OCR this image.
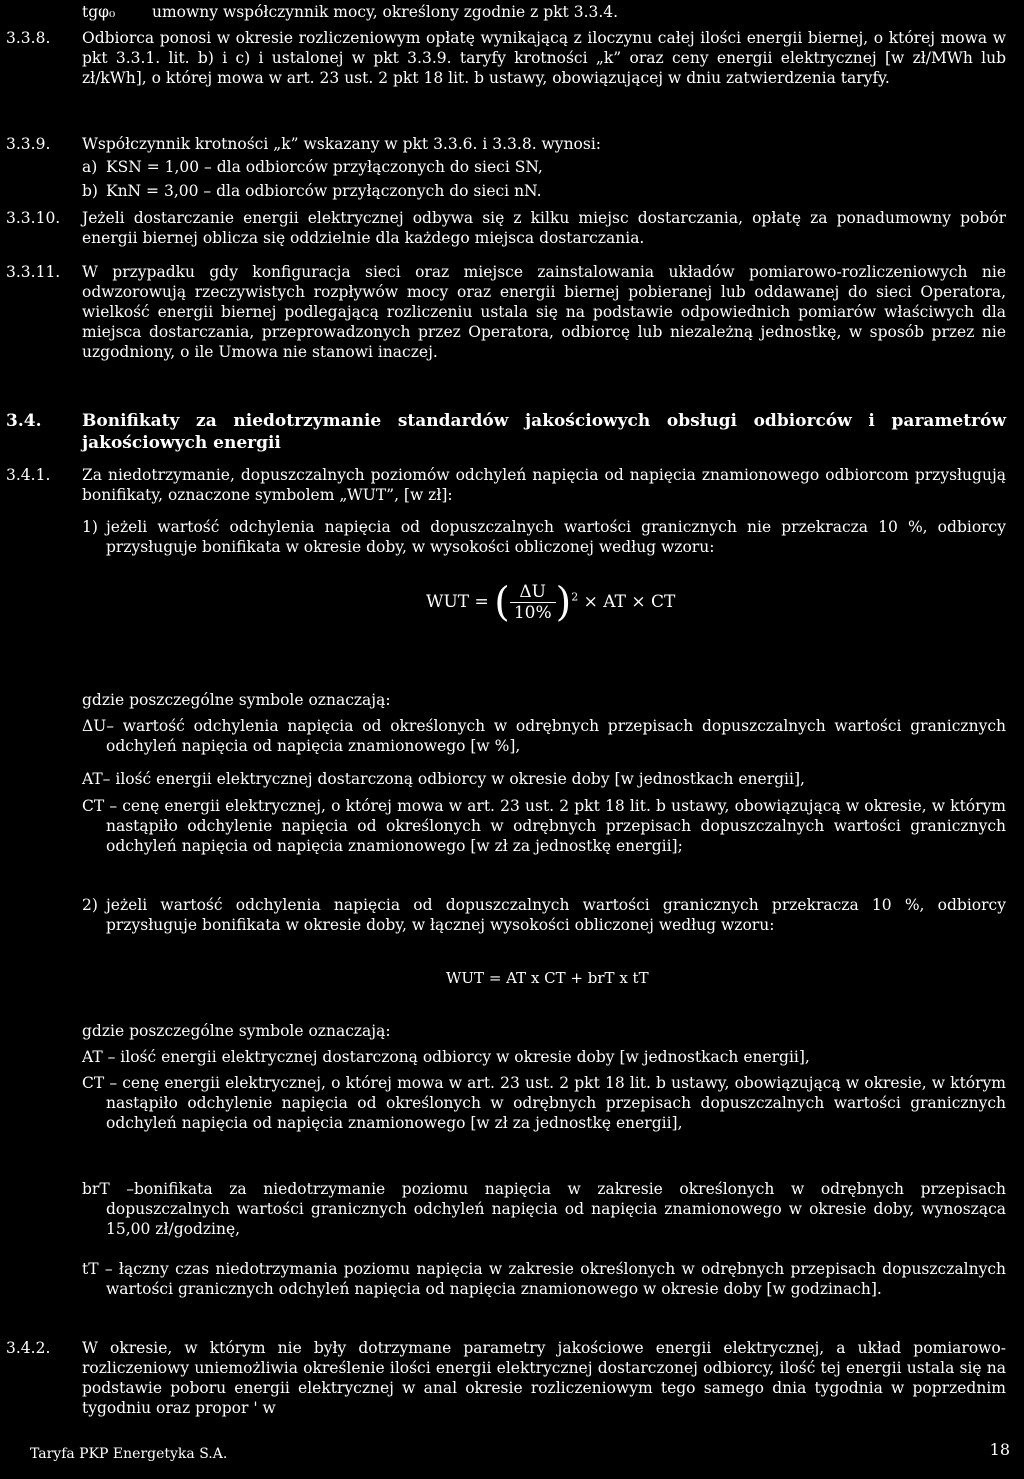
tgφ₀ umowny współczynnik mocy, określony zgodnie z pkt 3.3.4.
3.3.8. Odbiorca ponosi w okresie rozliczeniowym opłatę wynikającą z iloczynu całej ilości energii biernej, o której mowa w pkt 3.3.1. lit. b) i c) i ustalonej w pkt 3.3.9. taryfy krotności „k” oraz ceny energii elektrycznej [w zł/MWh lub zł/kWh], o której mowa w art. 23 ust. 2 pkt 18 lit. b ustawy, obowiązującej w dniu zatwierdzenia taryfy.
3.3.9. Współczynnik krotności „k” wskazany w pkt 3.3.6. i 3.3.8. wynosi:
a) KSN = 1,00 – dla odbiorców przyłączonych do sieci SN,
b) KnN = 3,00 – dla odbiorców przyłączonych do sieci nN.
3.3.10. Jeżeli dostarczanie energii elektrycznej odbywa się z kilku miejsc dostarczania, opłatę za ponadumowny pobór energii biernej oblicza się oddzielnie dla każdego miejsca dostarczania.
3.3.11. W przypadku gdy konfiguracja sieci oraz miejsce zainstalowania układów pomiarowo-rozliczeniowych nie odwzorowują rzeczywistych rozpływów mocy oraz energii biernej pobieranej lub oddawanej do sieci Operatora, wielkość energii biernej podlegającą rozliczeniu ustala się na podstawie odpowiednich pomiarów właściwych dla miejsca dostarczania, przeprowadzonych przez Operatora, odbiorcę lub niezależną jednostkę, w sposób przez nie uzgodniony, o ile Umowa nie stanowi inaczej.
3.4. Bonifikaty za niedotrzymanie standardów jakościowych obsługi odbiorców i parametrów jakościowych energii
3.4.1. Za niedotrzymanie, dopuszczalnych poziomów odchyleń napięcia od napięcia znamionowego odbiorcom przysługują bonifikaty, oznaczone symbolem „WUT”, [w zł]:
1) jeżeli wartość odchylenia napięcia od dopuszczalnych wartości granicznych nie przekracza 10 %, odbiorcy przysługuje bonifikata w okresie doby, w wysokości obliczonej według wzoru:
WUT = ( $\frac{\Delta U}{10\%} )^2$ × AT × CT
gdzie poszczególne symbole oznaczają:
ΔU– wartość odchylenia napięcia od określonych w odrębnych przepisach dopuszczalnych wartości granicznych odchyleń napięcia od napięcia znamionowego [w %],
AT– ilość energii elektrycznej dostarczoną odbiorcy w okresie doby [w jednostkach energii],
CT – cenę energii elektrycznej, o której mowa w art. 23 ust. 2 pkt 18 lit. b ustawy, obowiązującą w okresie, w którym nastąpiło odchylenie napięcia od określonych w odrębnych przepisach dopuszczalnych wartości granicznych odchyleń napięcia od napięcia znamionowego [w zł za jednostkę energii];
2) jeżeli wartość odchylenia napięcia od dopuszczalnych wartości granicznych przekracza 10 %, odbiorcy przysługuje bonifikata w okresie doby, w łącznej wysokości obliczonej według wzoru:
WUT = AT x CT + brT x tT
gdzie poszczególne symbole oznaczają:
AT – ilość energii elektrycznej dostarczoną odbiorcy w okresie doby [w jednostkach energii],
CT – cenę energii elektrycznej, o której mowa w art. 23 ust. 2 pkt 18 lit. b ustawy, obowiązującą w okresie, w którym nastąpiło odchylenie napięcia od określonych w odrębnych przepisach dopuszczalnych wartości granicznych odchyleń napięcia od napięcia znamionowego [w zł za jednostkę energii],
brT –bonifikata za niedotrzymanie poziomu napięcia w zakresie określonych w odrębnych przepisach dopuszczalnych wartości granicznych odchyleń napięcia od napięcia znamionowego w okresie doby, wynosząca 15,00 zł/godzinę,
tT – łączny czas niedotrzymania poziomu napięcia w zakresie określonych w odrębnych przepisach dopuszczalnych wartości granicznych odchyleń napięcia od napięcia znamionowego w okresie doby [w godzinach].
3.4.2. W okresie, w którym nie były dotrzymane parametry jakościowe energii elektrycznej, a układ pomiarowo-rozliczeniowy uniemożliwia określenie ilości energii elektrycznej dostarczonej odbiorcy, ilość tej energii ustala się na podstawie poboru energii elektrycznej w anal okresie rozliczeniowym tego samego dnia tygodnia w poprzednim tygodniu oraz propor ' w
Taryfa PKP Energetyka S.A.	18
